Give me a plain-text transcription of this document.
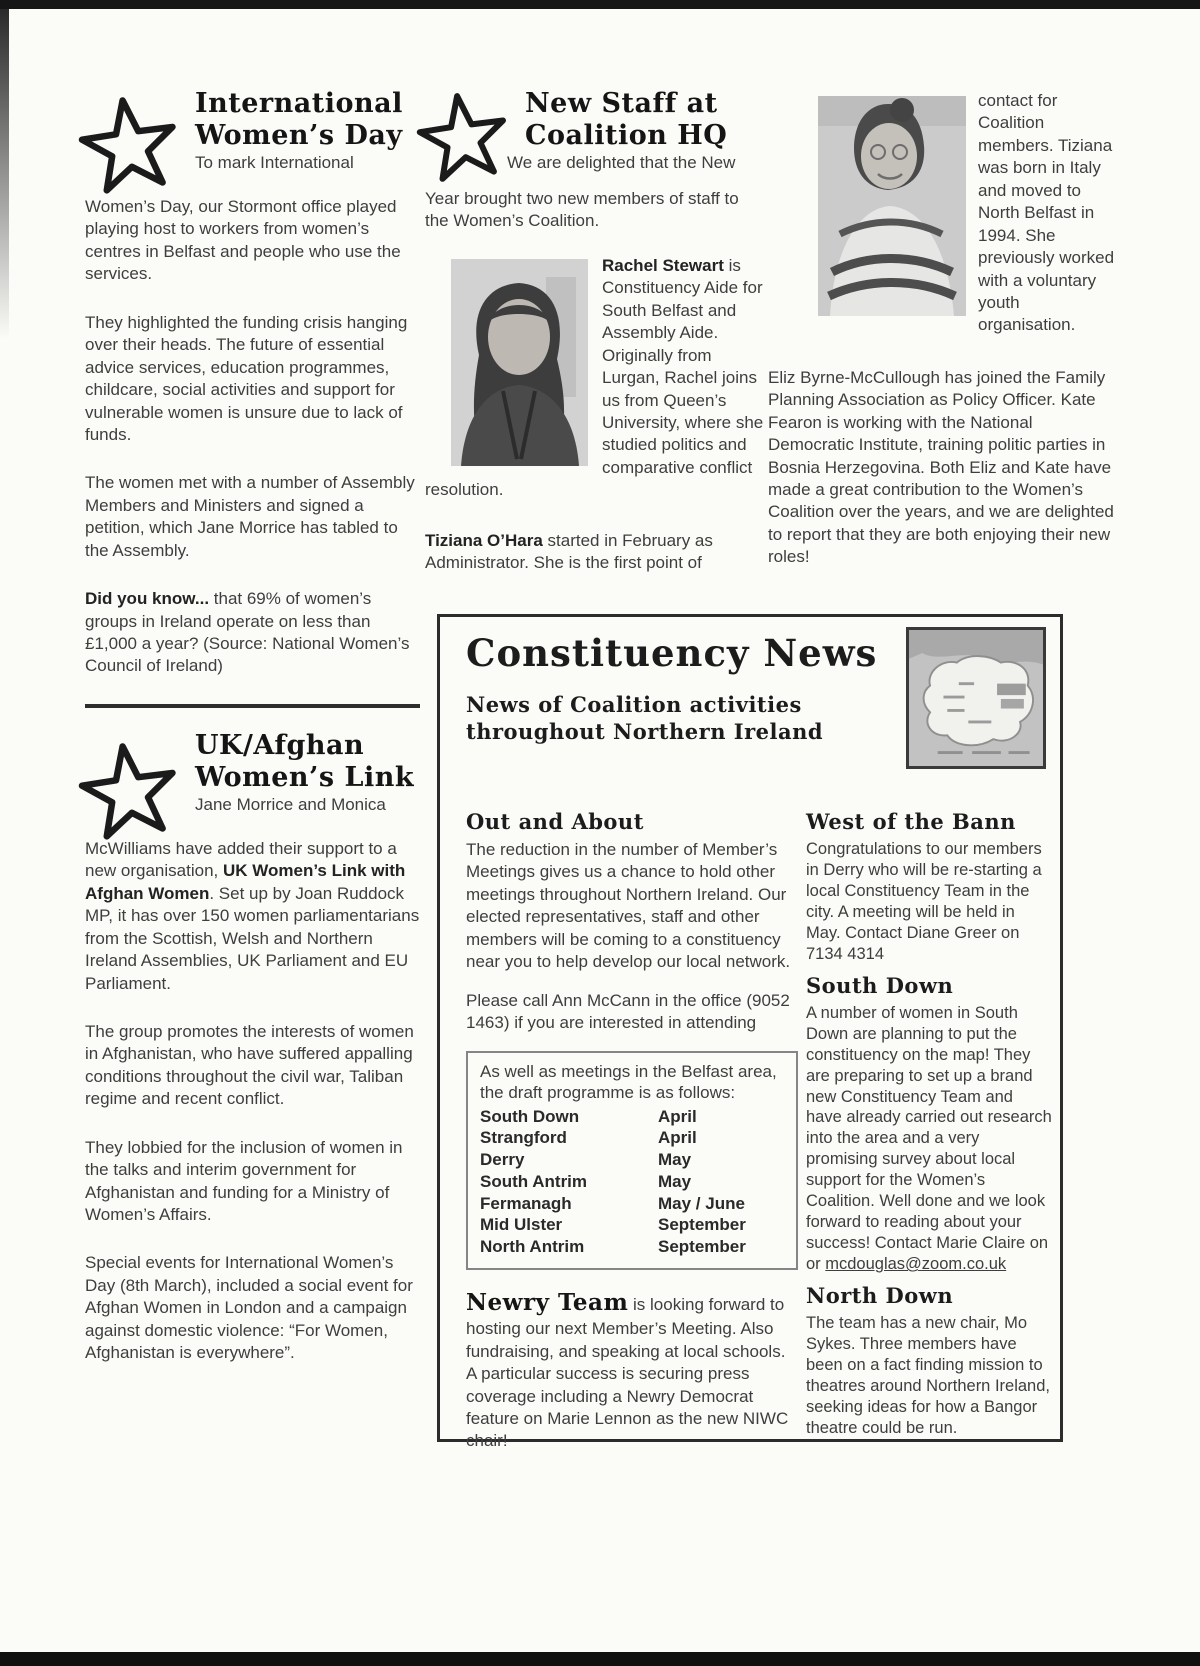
International
Women’s Day
To mark International

Women’s Day, our Stormont office played playing host to workers from women’s centres in Belfast and people who use the services.

They highlighted the funding crisis hanging over their heads. The future of essential advice services, education programmes, childcare, social activities and support for vulnerable women is unsure due to lack of funds.

The women met with a number of Assembly Members and Ministers and signed a petition, which Jane Morrice has tabled to the Assembly.

Did you know... that 69% of women’s groups in Ireland operate on less than £1,000 a year? (Source: National Women’s Council of Ireland)

UK/Afghan
Women’s Link
Jane Morrice and Monica

McWilliams have added their support to a new organisation, UK Women’s Link with Afghan Women. Set up by Joan Ruddock MP, it has over 150 women parliamentarians from the Scottish, Welsh and Northern Ireland Assemblies, UK Parliament and EU Parliament.

The group promotes the interests of women in Afghanistan, who have suffered appalling conditions throughout the civil war, Taliban regime and recent conflict.

They lobbied for the inclusion of women in the talks and interim government for Afghanistan and funding for a Ministry of Women’s Affairs.

Special events for International Women’s Day (8th March), included a social event for Afghan Women in London and a campaign against domestic violence: “For Women, Afghanistan is everywhere”.

New Staff at
Coalition HQ
We are delighted that the New

Year brought two new members of staff to the Women’s Coalition.

Rachel Stewart is Constituency Aide for South Belfast and Assembly Aide. Originally from Lurgan, Rachel joins us from Queen’s University, where she studied politics and comparative conflict resolution.

Tiziana O’Hara started in February as Administrator. She is the first point of

contact for Coalition members. Tiziana was born in Italy and moved to North Belfast in 1994. She previously worked with a voluntary youth organisation.

Eliz Byrne-McCullough has joined the Family Planning Association as Policy Officer. Kate Fearon is working with the National Democratic Institute, training politic parties in Bosnia Herzegovina. Both Eliz and Kate have made a great contribution to the Women’s Coalition over the years, and we are delighted to report that they are both enjoying their new roles!

Constituency News
News of Coalition activities
throughout Northern Ireland
Out and About

The reduction in the number of Member’s Meetings gives us a chance to hold other meetings throughout Northern Ireland. Our elected representatives, staff and other members will be coming to a constituency near you to help develop our local network.

Please call Ann McCann in the office (9052 1463) if you are interested in attending

As well as meetings in the Belfast area, the draft programme is as follows:
South Down	April
Strangford	April
Derry	May
South Antrim	May
Fermanagh	May / June
Mid Ulster	September
North Antrim	September

Newry Team is looking forward to hosting our next Member’s Meeting. Also fundraising, and speaking at local schools. A particular success is securing press coverage including a Newry Democrat feature on Marie Lennon as the new NIWC chair!

West of the Bann

Congratulations to our members in Derry who will be re-starting a local Constituency Team in the city. A meeting will be held in May. Contact Diane Greer on 7134 4314

South Down

A number of women in South Down are planning to put the constituency on the map! They are preparing to set up a brand new Constituency Team and have already carried out research into the area and a very promising survey about local support for the Women’s Coalition. Well done and we look forward to reading about your success! Contact Marie Claire on or mcdouglas@zoom.co.uk

North Down

The team has a new chair, Mo Sykes. Three members have been on a fact finding mission to theatres around Northern Ireland, seeking ideas for how a Bangor theatre could be run.
